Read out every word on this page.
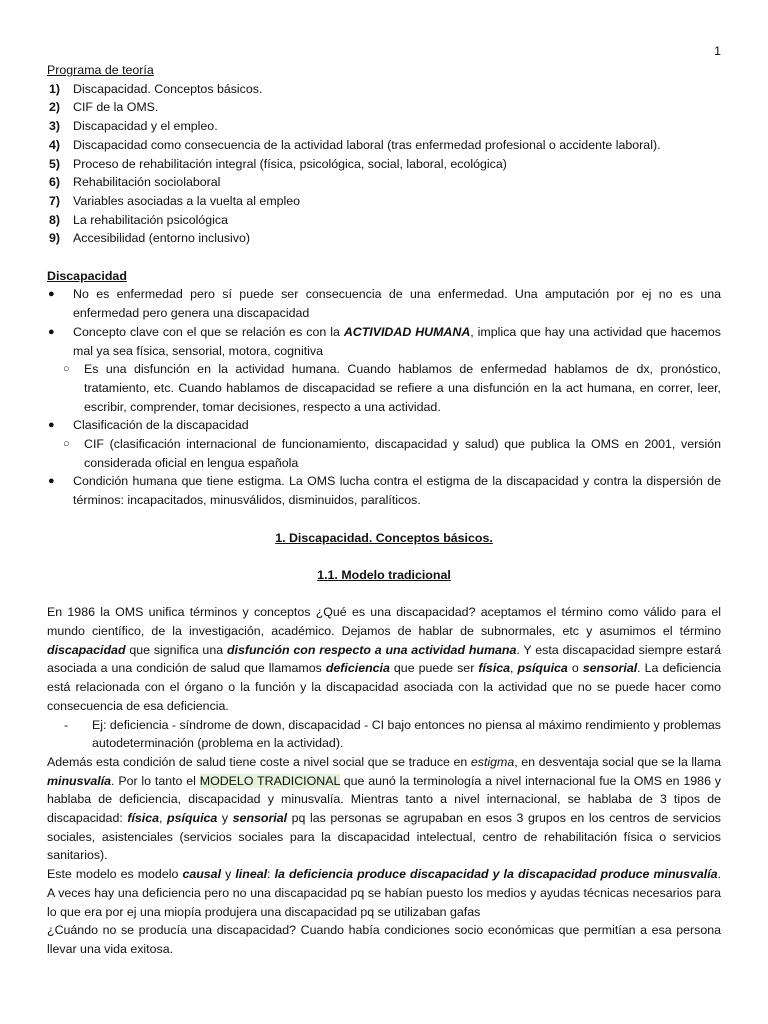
1
Programa de teoría
1) Discapacidad. Conceptos básicos.
2) CIF de la OMS.
3) Discapacidad y el empleo.
4) Discapacidad como consecuencia de la actividad laboral (tras enfermedad profesional o accidente laboral).
5) Proceso de rehabilitación integral (física, psicológica, social, laboral, ecológica)
6) Rehabilitación sociolaboral
7) Variables asociadas a la vuelta al empleo
8) La rehabilitación psicológica
9) Accesibilidad (entorno inclusivo)
Discapacidad
● No es enfermedad pero sí puede ser consecuencia de una enfermedad. Una amputación por ej no es una enfermedad pero genera una discapacidad
● Concepto clave con el que se relación es con la ACTIVIDAD HUMANA, implica que hay una actividad que hacemos mal ya sea física, sensorial, motora, cognitiva
○ Es una disfunción en la actividad humana. Cuando hablamos de enfermedad hablamos de dx, pronóstico, tratamiento, etc. Cuando hablamos de discapacidad se refiere a una disfunción en la act humana, en correr, leer, escribir, comprender, tomar decisiones, respecto a una actividad.
● Clasificación de la discapacidad
○ CIF (clasificación internacional de funcionamiento, discapacidad y salud) que publica la OMS en 2001, versión considerada oficial en lengua española
● Condición humana que tiene estigma. La OMS lucha contra el estigma de la discapacidad y contra la dispersión de términos: incapacitados, minusválidos, disminuidos, paralíticos.
1. Discapacidad. Conceptos básicos.
1.1. Modelo tradicional
En 1986 la OMS unifica términos y conceptos ¿Qué es una discapacidad? aceptamos el término como válido para el mundo científico, de la investigación, académico. Dejamos de hablar de subnormales, etc y asumimos el término discapacidad que significa una disfunción con respecto a una actividad humana. Y esta discapacidad siempre estará asociada a una condición de salud que llamamos deficiencia que puede ser física, psíquica o sensorial. La deficiencia está relacionada con el órgano o la función y la discapacidad asociada con la actividad que no se puede hacer como consecuencia de esa deficiencia.
- Ej: deficiencia - síndrome de down, discapacidad - CI bajo entonces no piensa al máximo rendimiento y problemas autodeterminación (problema en la actividad).
Además esta condición de salud tiene coste a nivel social que se traduce en estigma, en desventaja social que se la llama minusvalía. Por lo tanto el MODELO TRADICIONAL que aunó la terminología a nivel internacional fue la OMS en 1986 y hablaba de deficiencia, discapacidad y minusvalía. Mientras tanto a nivel internacional, se hablaba de 3 tipos de discapacidad: física, psíquica y sensorial pq las personas se agrupaban en esos 3 grupos en los centros de servicios sociales, asistenciales (servicios sociales para la discapacidad intelectual, centro de rehabilitación física o servicios sanitarios).
Este modelo es modelo causal y lineal: la deficiencia produce discapacidad y la discapacidad produce minusvalía. A veces hay una deficiencia pero no una discapacidad pq se habían puesto los medios y ayudas técnicas necesarios para lo que era por ej una miopía produjera una discapacidad pq se utilizaban gafas
¿Cuándo no se producía una discapacidad? Cuando había condiciones socio económicas que permitían a esa persona llevar una vida exitosa.
